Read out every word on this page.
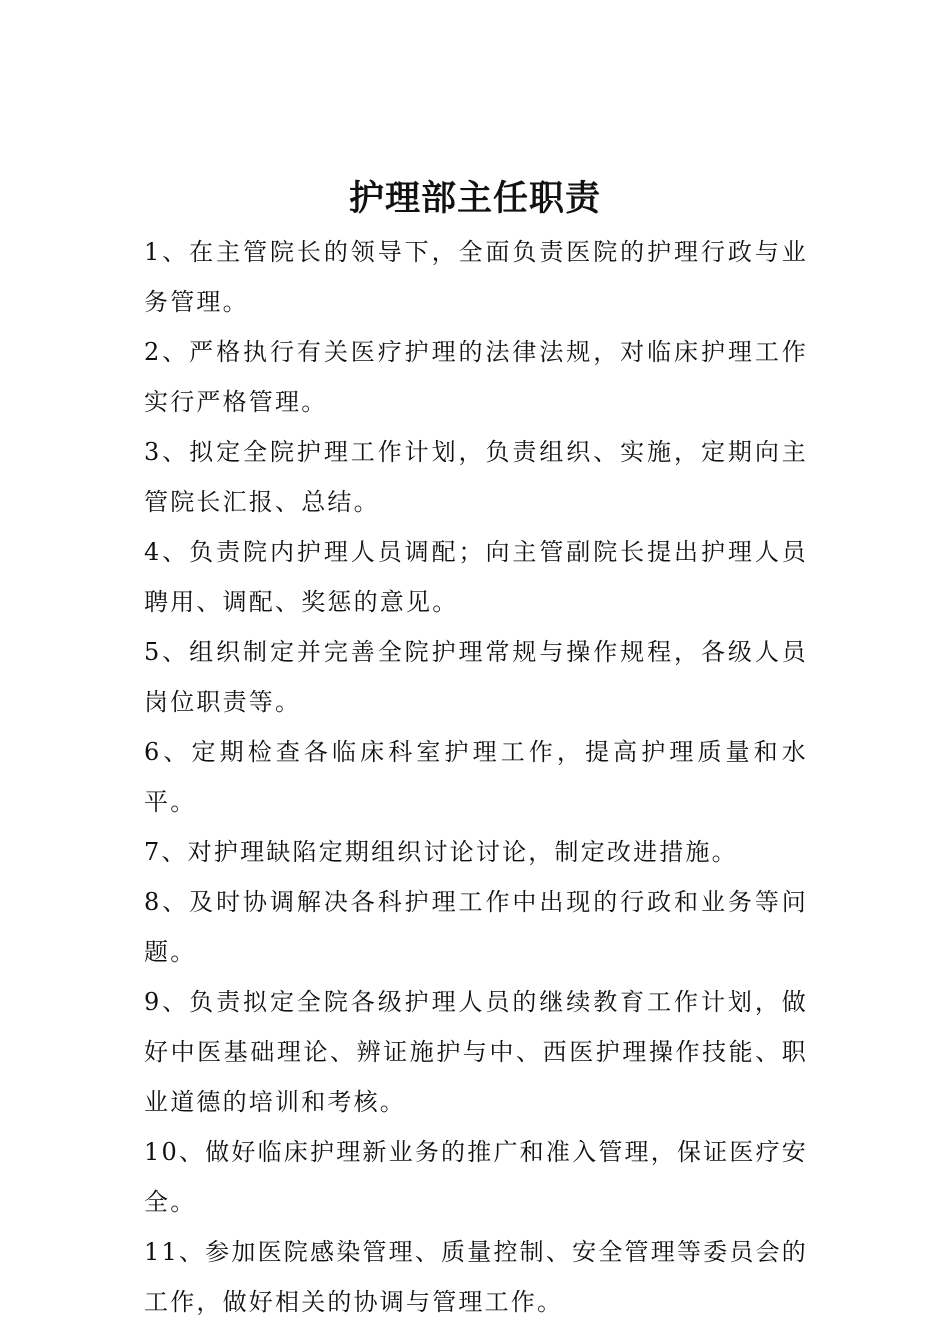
护理部主任职责
1、在主管院长的领导下，全面负责医院的护理行政与业务管理。
2、严格执行有关医疗护理的法律法规，对临床护理工作实行严格管理。
3、拟定全院护理工作计划，负责组织、实施，定期向主管院长汇报、总结。
4、负责院内护理人员调配；向主管副院长提出护理人员聘用、调配、奖惩的意见。
5、组织制定并完善全院护理常规与操作规程，各级人员岗位职责等。
6、定期检查各临床科室护理工作，提高护理质量和水平。
7、对护理缺陷定期组织讨论讨论，制定改进措施。
8、及时协调解决各科护理工作中出现的行政和业务等问题。
9、负责拟定全院各级护理人员的继续教育工作计划，做好中医基础理论、辨证施护与中、西医护理操作技能、职业道德的培训和考核。
10、做好临床护理新业务的推广和准入管理，保证医疗安全。
11、参加医院感染管理、质量控制、安全管理等委员会的工作，做好相关的协调与管理工作。
